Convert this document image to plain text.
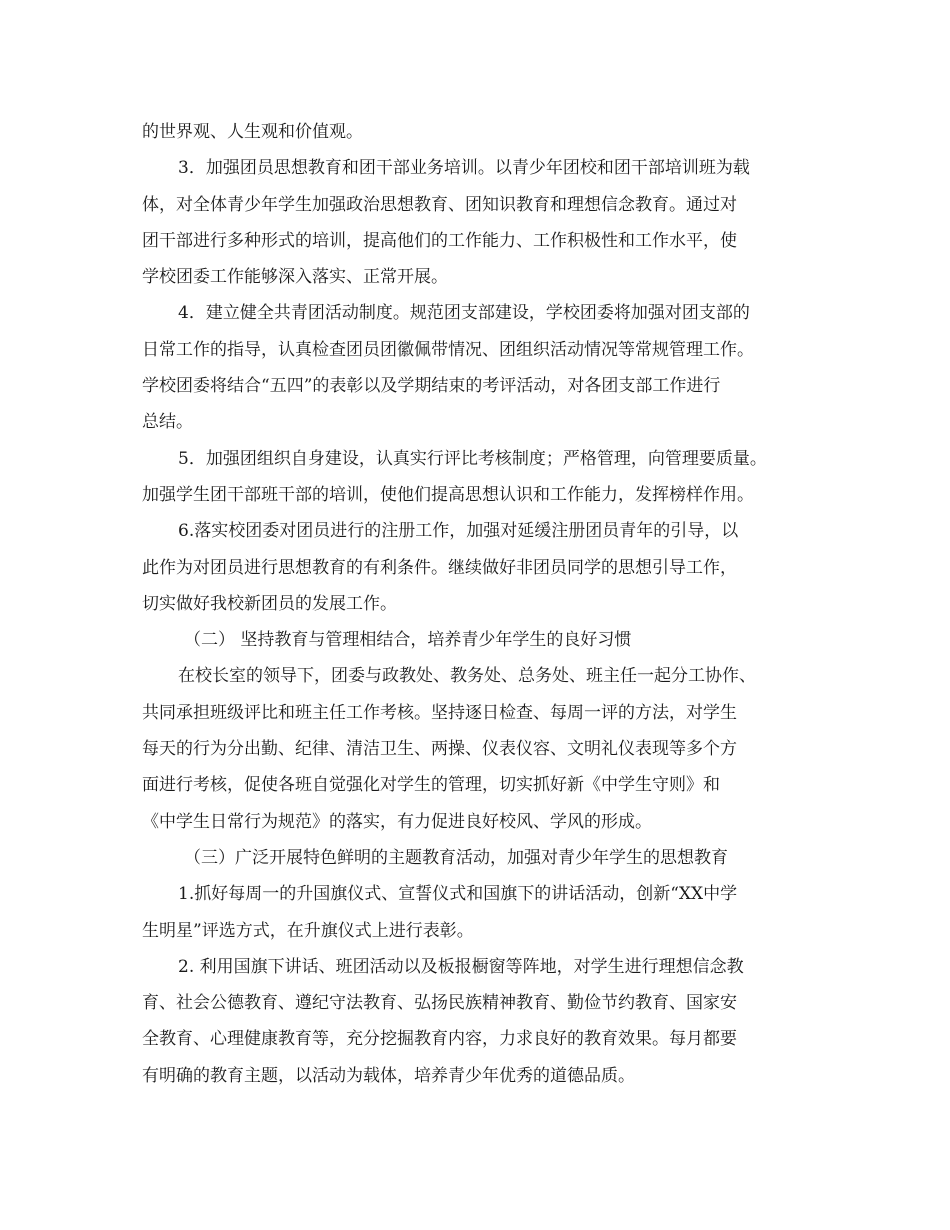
的世界观、人生观和价值观。
3．加强团员思想教育和团干部业务培训。以青少年团校和团干部培训班为载
体，对全体青少年学生加强政治思想教育、团知识教育和理想信念教育。通过对
团干部进行多种形式的培训，提高他们的工作能力、工作积极性和工作水平，使
学校团委工作能够深入落实、正常开展。
4．建立健全共青团活动制度。规范团支部建设，学校团委将加强对团支部的
日常工作的指导，认真检查团员团徽佩带情况、团组织活动情况等常规管理工作。
学校团委将结合“五四”的表彰以及学期结束的考评活动，对各团支部工作进行
总结。
5．加强团组织自身建设，认真实行评比考核制度；严格管理，向管理要质量。
加强学生团干部班干部的培训，使他们提高思想认识和工作能力，发挥榜样作用。
6.落实校团委对团员进行的注册工作，加强对延缓注册团员青年的引导，以
此作为对团员进行思想教育的有利条件。继续做好非团员同学的思想引导工作，
切实做好我校新团员的发展工作。
（二） 坚持教育与管理相结合，培养青少年学生的良好习惯
在校长室的领导下，团委与政教处、教务处、总务处、班主任一起分工协作、
共同承担班级评比和班主任工作考核。坚持逐日检查、每周一评的方法，对学生
每天的行为分出勤、纪律、清洁卫生、两操、仪表仪容、文明礼仪表现等多个方
面进行考核，促使各班自觉强化对学生的管理，切实抓好新《中学生守则》和
《中学生日常行为规范》的落实，有力促进良好校风、学风的形成。
（三）广泛开展特色鲜明的主题教育活动，加强对青少年学生的思想教育
1.抓好每周一的升国旗仪式、宣誓仪式和国旗下的讲话活动，创新“XX中学
生明星”评选方式，在升旗仪式上进行表彰。
2. 利用国旗下讲话、班团活动以及板报橱窗等阵地，对学生进行理想信念教
育、社会公德教育、遵纪守法教育、弘扬民族精神教育、勤俭节约教育、国家安
全教育、心理健康教育等，充分挖掘教育内容，力求良好的教育效果。每月都要
有明确的教育主题，以活动为载体，培养青少年优秀的道德品质。
